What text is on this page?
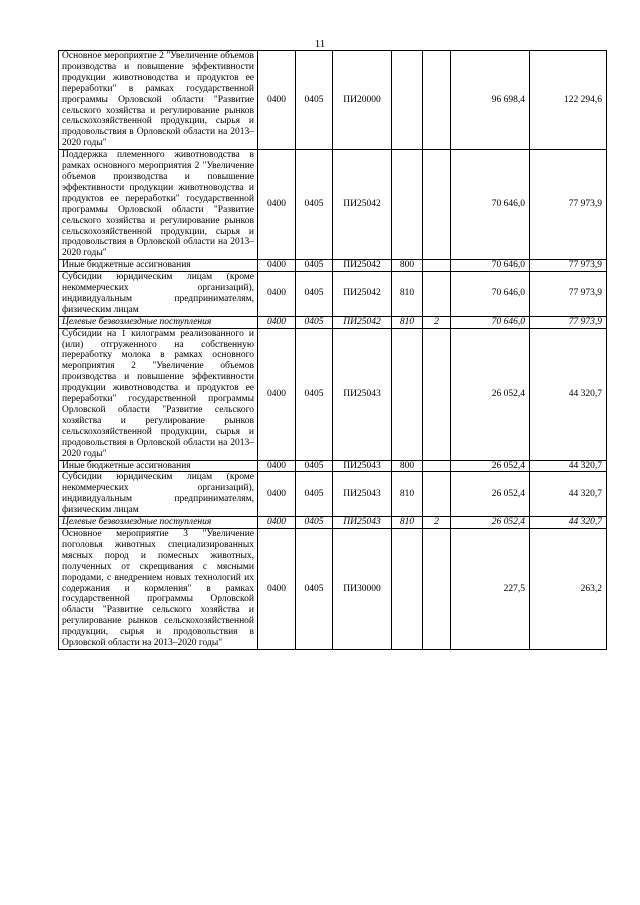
11
Основное мероприятие 2 "Увеличение объемов производства и повышение эффективности продукции животноводства и продуктов ее переработки" в рамках государственной программы Орловской области "Развитие сельского хозяйства и регулирование рынков сельскохозяйственной продукции, сырья и продовольствия в Орловской области на 2013–2020 годы"	0400	0405	ПИ20000			96 698,4	122 294,6
Поддержка племенного животноводства в рамках основного мероприятия 2 "Увеличение объемов производства и повышение эффективности продукции животноводства и продуктов ее переработки" государственной программы Орловской области "Развитие сельского хозяйства и регулирование рынков сельскохозяйственной продукции, сырья и продовольствия в Орловской области на 2013–2020 годы"	0400	0405	ПИ25042			70 646,0	77 973,9
Иные бюджетные ассигнования	0400	0405	ПИ25042	800		70 646,0	77 973,9
Субсидии юридическим лицам (кроме некоммерческих организаций), индивидуальным предпринимателям, физическим лицам	0400	0405	ПИ25042	810		70 646,0	77 973,9
Целевые безвозмездные поступления	0400	0405	ПИ25042	810	2	70 646,0	77 973,9
Субсидии на 1 килограмм реализованного и (или) отгруженного на собственную переработку молока в рамках основного мероприятия 2 "Увеличение объемов производства и повышение эффективности продукции животноводства и продуктов ее переработки" государственной программы Орловской области "Развитие сельского хозяйства и регулирование рынков сельскохозяйственной продукции, сырья и продовольствия в Орловской области на 2013–2020 годы"	0400	0405	ПИ25043			26 052,4	44 320,7
Иные бюджетные ассигнования	0400	0405	ПИ25043	800		26 052,4	44 320,7
Субсидии юридическим лицам (кроме некоммерческих организаций), индивидуальным предпринимателям, физическим лицам	0400	0405	ПИ25043	810		26 052,4	44 320,7
Целевые безвозмездные поступления	0400	0405	ПИ25043	810	2	26 052,4	44 320,7
Основное мероприятие 3 "Увеличение поголовья животных специализированных мясных пород и помесных животных, полученных от скрещивания с мясными породами, с внедрением новых технологий их содержания и кормления" в рамках государственной программы Орловской области "Развитие сельского хозяйства и регулирование рынков сельскохозяйственной продукции, сырья и продовольствия в Орловской области на 2013–2020 годы"	0400	0405	ПИ30000			227,5	263,2
